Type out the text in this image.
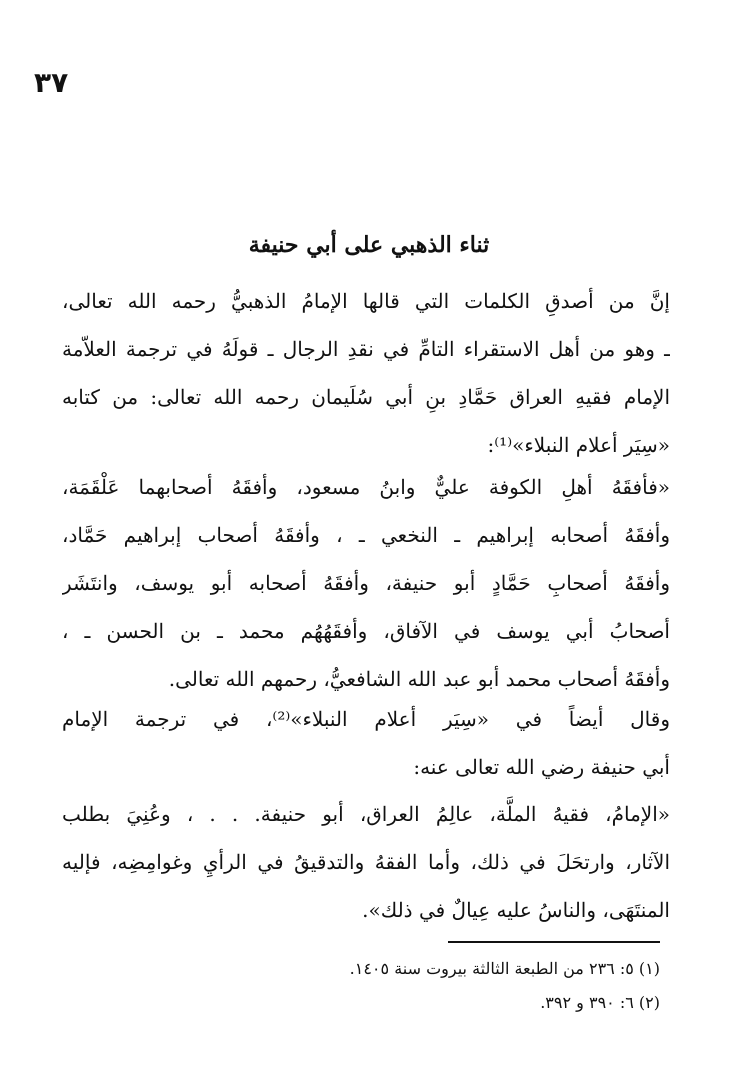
٣٧
ثناء الذهبي على أبي حنيفة
إنَّ من أصدقِ الكلمات التي قالها الإمامُ الذهبيُّ رحمه الله تعالى،
ـ وهو من أهل الاستقراء التامِّ في نقدِ الرجال ـ قولَهُ في ترجمة العلاّمة
الإمام فقيهِ العراق حَمَّادِ بنِ أبي سُلَيمان رحمه الله تعالى: من كتابه
«سِيَر أعلام النبلاء»⁽¹⁾:
«فأفقَهُ أهلِ الكوفة عليٌّ وابنُ مسعود، وأفقَهُ أصحابهما عَلْقَمَة،
وأفقَهُ أصحابه إبراهيم ـ النخعي ـ ، وأفقَهُ أصحاب إبراهيم حَمَّاد،
وأفقَهُ أصحابِ حَمَّادٍ أبو حنيفة، وأفقَهُ أصحابه أبو يوسف، وانتَشَر
أصحابُ أبي يوسف في الآفاق، وأفقَهُهُم محمد ـ بن الحسن ـ ،
وأفقَهُ أصحاب محمد أبو عبد الله الشافعيُّ، رحمهم الله تعالى.
وقال أيضاً في «سِيَر أعلام النبلاء»⁽²⁾، في ترجمة الإمام
أبي حنيفة رضي الله تعالى عنه:
«الإمامُ، فقيهُ الملَّة، عالِمُ العراق، أبو حنيفة. . . ، وعُنِيَ بطلب
الآثار، وارتحَلَ في ذلك، وأما الفقهُ والتدقيقُ في الرأيِ وغوامِضِه، فإليه
المنتَهَى، والناسُ عليه عِيالٌ في ذلك».
(١) ٥: ٢٣٦ من الطبعة الثالثة بيروت سنة ١٤٠٥.
(٢) ٦: ٣٩٠ و ٣٩٢.
